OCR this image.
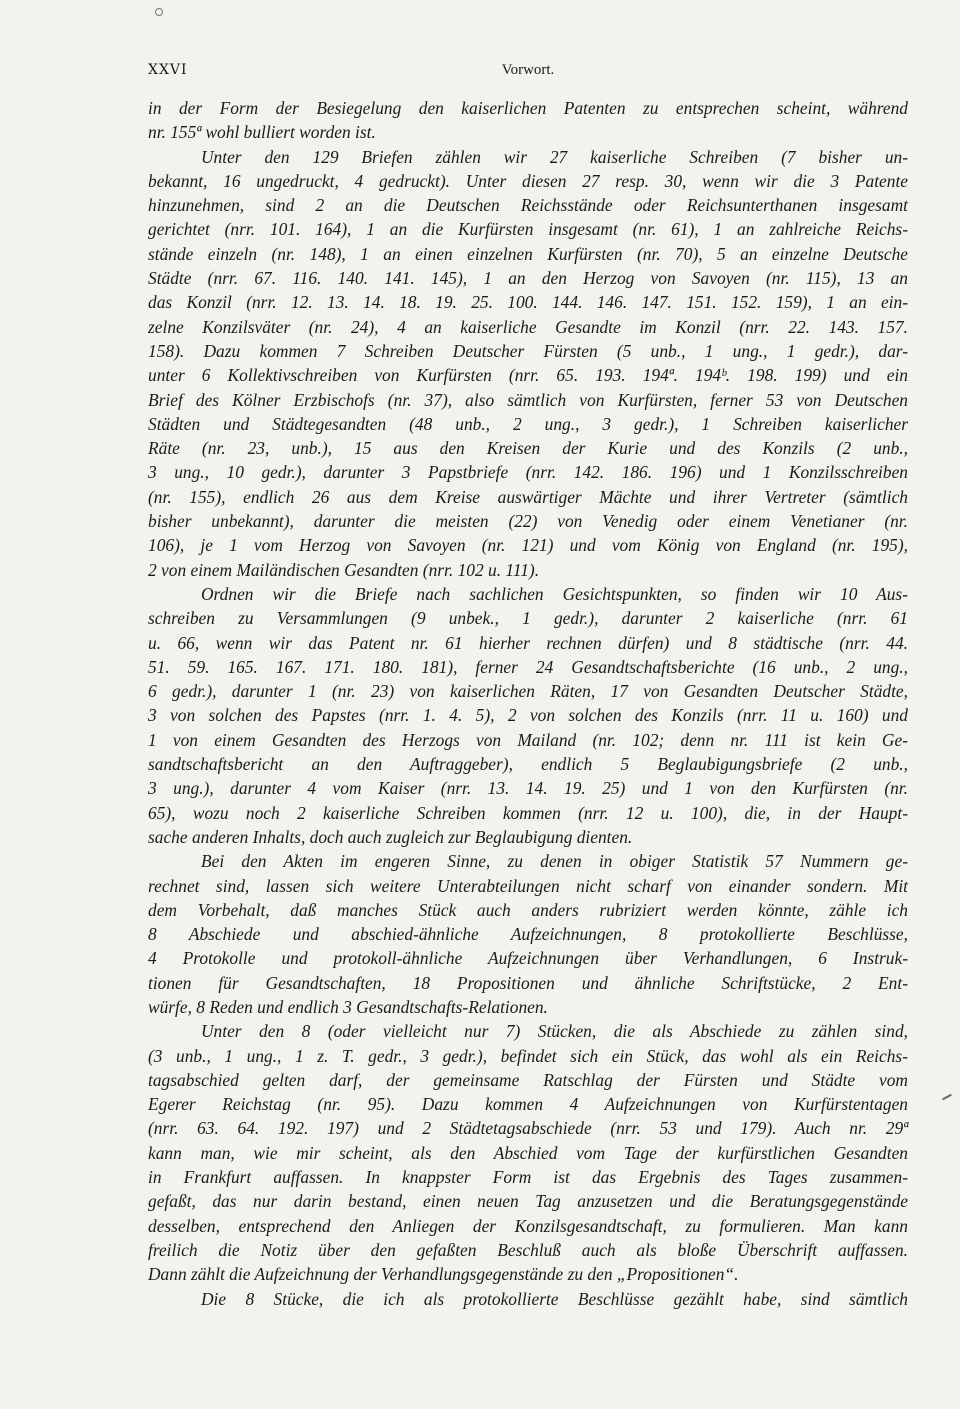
XXVI	Vorwort.
in der Form der Besiegelung den kaiserlichen Patenten zu entsprechen scheint, während
nr. 155ª wohl bulliert worden ist.
Unter den 129 Briefen zählen wir 27 kaiserliche Schreiben (7 bisher un-
bekannt, 16 ungedruckt, 4 gedruckt). Unter diesen 27 resp. 30, wenn wir die 3 Patente
hinzunehmen, sind 2 an die Deutschen Reichsstände oder Reichsunterthanen insgesamt
gerichtet (nrr. 101. 164), 1 an die Kurfürsten insgesamt (nr. 61), 1 an zahlreiche Reichs-
stände einzeln (nr. 148), 1 an einen einzelnen Kurfürsten (nr. 70), 5 an einzelne Deutsche
Städte (nrr. 67. 116. 140. 141. 145), 1 an den Herzog von Savoyen (nr. 115), 13 an
das Konzil (nrr. 12. 13. 14. 18. 19. 25. 100. 144. 146. 147. 151. 152. 159), 1 an ein-
zelne Konzilsväter (nr. 24), 4 an kaiserliche Gesandte im Konzil (nrr. 22. 143. 157.
158). Dazu kommen 7 Schreiben Deutscher Fürsten (5 unb., 1 ung., 1 gedr.), dar-
unter 6 Kollektivschreiben von Kurfürsten (nrr. 65. 193. 194ª. 194ᵇ. 198. 199) und ein
Brief des Kölner Erzbischofs (nr. 37), also sämtlich von Kurfürsten, ferner 53 von Deutschen
Städten und Städtegesandten (48 unb., 2 ung., 3 gedr.), 1 Schreiben kaiserlicher
Räte (nr. 23, unb.), 15 aus den Kreisen der Kurie und des Konzils (2 unb.,
3 ung., 10 gedr.), darunter 3 Papstbriefe (nrr. 142. 186. 196) und 1 Konzilsschreiben
(nr. 155), endlich 26 aus dem Kreise auswärtiger Mächte und ihrer Vertreter (sämtlich
bisher unbekannt), darunter die meisten (22) von Venedig oder einem Venetianer (nr.
106), je 1 vom Herzog von Savoyen (nr. 121) und vom König von England (nr. 195),
2 von einem Mailändischen Gesandten (nrr. 102 u. 111).
Ordnen wir die Briefe nach sachlichen Gesichtspunkten, so finden wir 10 Aus-
schreiben zu Versammlungen (9 unbek., 1 gedr.), darunter 2 kaiserliche (nrr. 61
u. 66, wenn wir das Patent nr. 61 hierher rechnen dürfen) und 8 städtische (nrr. 44.
51. 59. 165. 167. 171. 180. 181), ferner 24 Gesandtschaftsberichte (16 unb., 2 ung.,
6 gedr.), darunter 1 (nr. 23) von kaiserlichen Räten, 17 von Gesandten Deutscher Städte,
3 von solchen des Papstes (nrr. 1. 4. 5), 2 von solchen des Konzils (nrr. 11 u. 160) und
1 von einem Gesandten des Herzogs von Mailand (nr. 102; denn nr. 111 ist kein Ge-
sandtschaftsbericht an den Auftraggeber), endlich 5 Beglaubigungsbriefe (2 unb.,
3 ung.), darunter 4 vom Kaiser (nrr. 13. 14. 19. 25) und 1 von den Kurfürsten (nr.
65), wozu noch 2 kaiserliche Schreiben kommen (nrr. 12 u. 100), die, in der Haupt-
sache anderen Inhalts, doch auch zugleich zur Beglaubigung dienten.
Bei den Akten im engeren Sinne, zu denen in obiger Statistik 57 Nummern ge-
rechnet sind, lassen sich weitere Unterabteilungen nicht scharf von einander sondern. Mit
dem Vorbehalt, daß manches Stück auch anders rubriziert werden könnte, zähle ich
8 Abschiede und abschied-ähnliche Aufzeichnungen, 8 protokollierte Beschlüsse,
4 Protokolle und protokoll-ähnliche Aufzeichnungen über Verhandlungen, 6 Instruk-
tionen für Gesandtschaften, 18 Propositionen und ähnliche Schriftstücke, 2 Ent-
würfe, 8 Reden und endlich 3 Gesandtschafts-Relationen.
Unter den 8 (oder vielleicht nur 7) Stücken, die als Abschiede zu zählen sind,
(3 unb., 1 ung., 1 z. T. gedr., 3 gedr.), befindet sich ein Stück, das wohl als ein Reichs-
tagsabschied gelten darf, der gemeinsame Ratschlag der Fürsten und Städte vom
Egerer Reichstag (nr. 95). Dazu kommen 4 Aufzeichnungen von Kurfürstentagen
(nrr. 63. 64. 192. 197) und 2 Städtetagsabschiede (nrr. 53 und 179). Auch nr. 29ª
kann man, wie mir scheint, als den Abschied vom Tage der kurfürstlichen Gesandten
in Frankfurt auffassen. In knappster Form ist das Ergebnis des Tages zusammen-
gefaßt, das nur darin bestand, einen neuen Tag anzusetzen und die Beratungsgegenstände
desselben, entsprechend den Anliegen der Konzilsgesandtschaft, zu formulieren. Man kann
freilich die Notiz über den gefaßten Beschluß auch als bloße Überschrift auffassen.
Dann zählt die Aufzeichnung der Verhandlungsgegenstände zu den „Propositionen“.
Die 8 Stücke, die ich als protokollierte Beschlüsse gezählt habe, sind sämtlich
